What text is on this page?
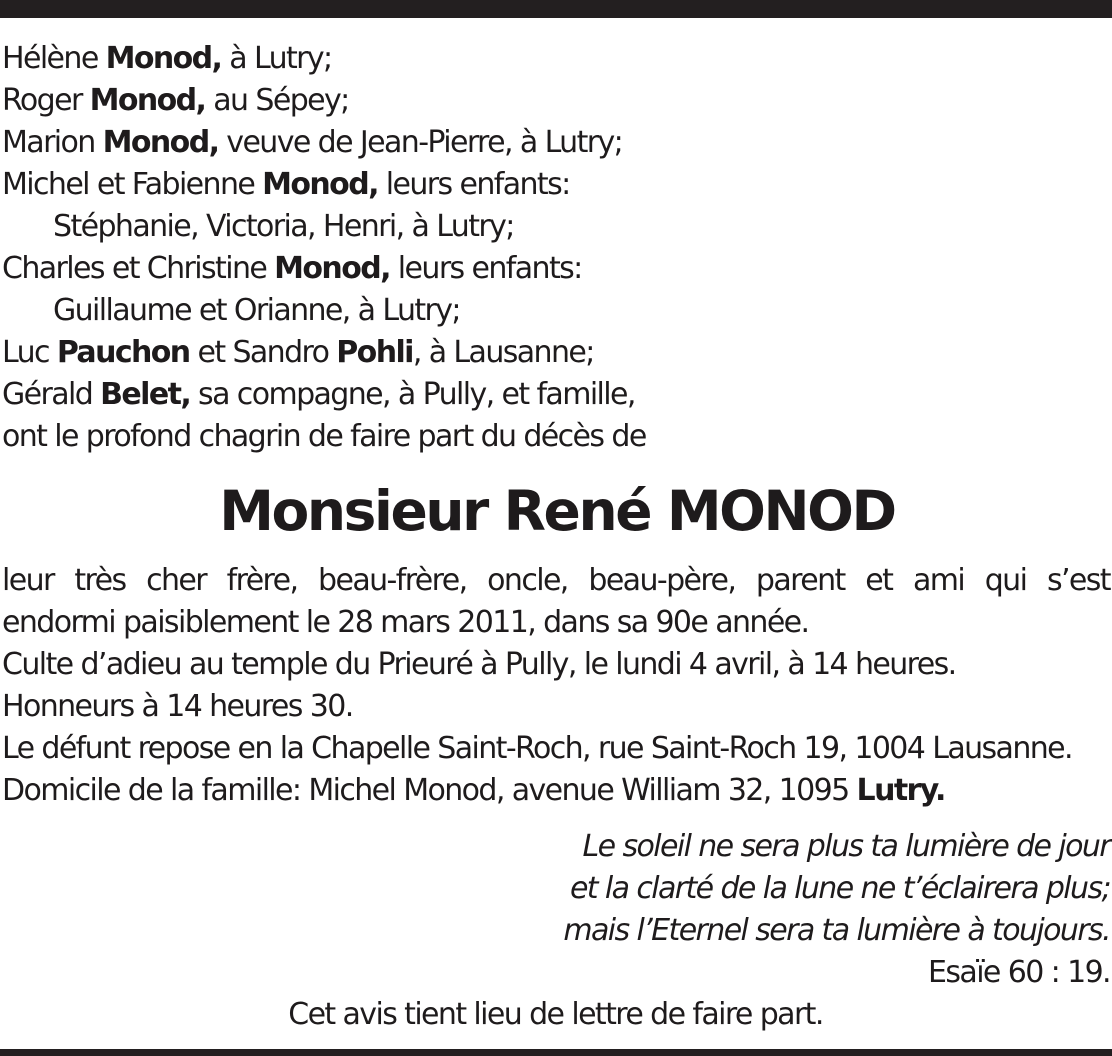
Hélène Monod, à Lutry;
Roger Monod, au Sépey;
Marion Monod, veuve de Jean-Pierre, à Lutry;
Michel et Fabienne Monod, leurs enfants:
Stéphanie, Victoria, Henri, à Lutry;
Charles et Christine Monod, leurs enfants:
Guillaume et Orianne, à Lutry;
Luc Pauchon et Sandro Pohli, à Lausanne;
Gérald Belet, sa compagne, à Pully, et famille,
ont le profond chagrin de faire part du décès de
Monsieur René MONOD
leur très cher frère, beau-frère, oncle, beau-père, parent et ami qui s’est
endormi paisiblement le 28 mars 2011, dans sa 90e année.
Culte d’adieu au temple du Prieuré à Pully, le lundi 4 avril, à 14 heures.
Honneurs à 14 heures 30.
Le défunt repose en la Chapelle Saint-Roch, rue Saint-Roch 19, 1004 Lausanne.
Domicile de la famille: Michel Monod, avenue William 32, 1095 Lutry.
Le soleil ne sera plus ta lumière de jour
et la clarté de la lune ne t’éclairera plus;
mais l’Eternel sera ta lumière à toujours.
Esaïe 60 : 19.
Cet avis tient lieu de lettre de faire part.
